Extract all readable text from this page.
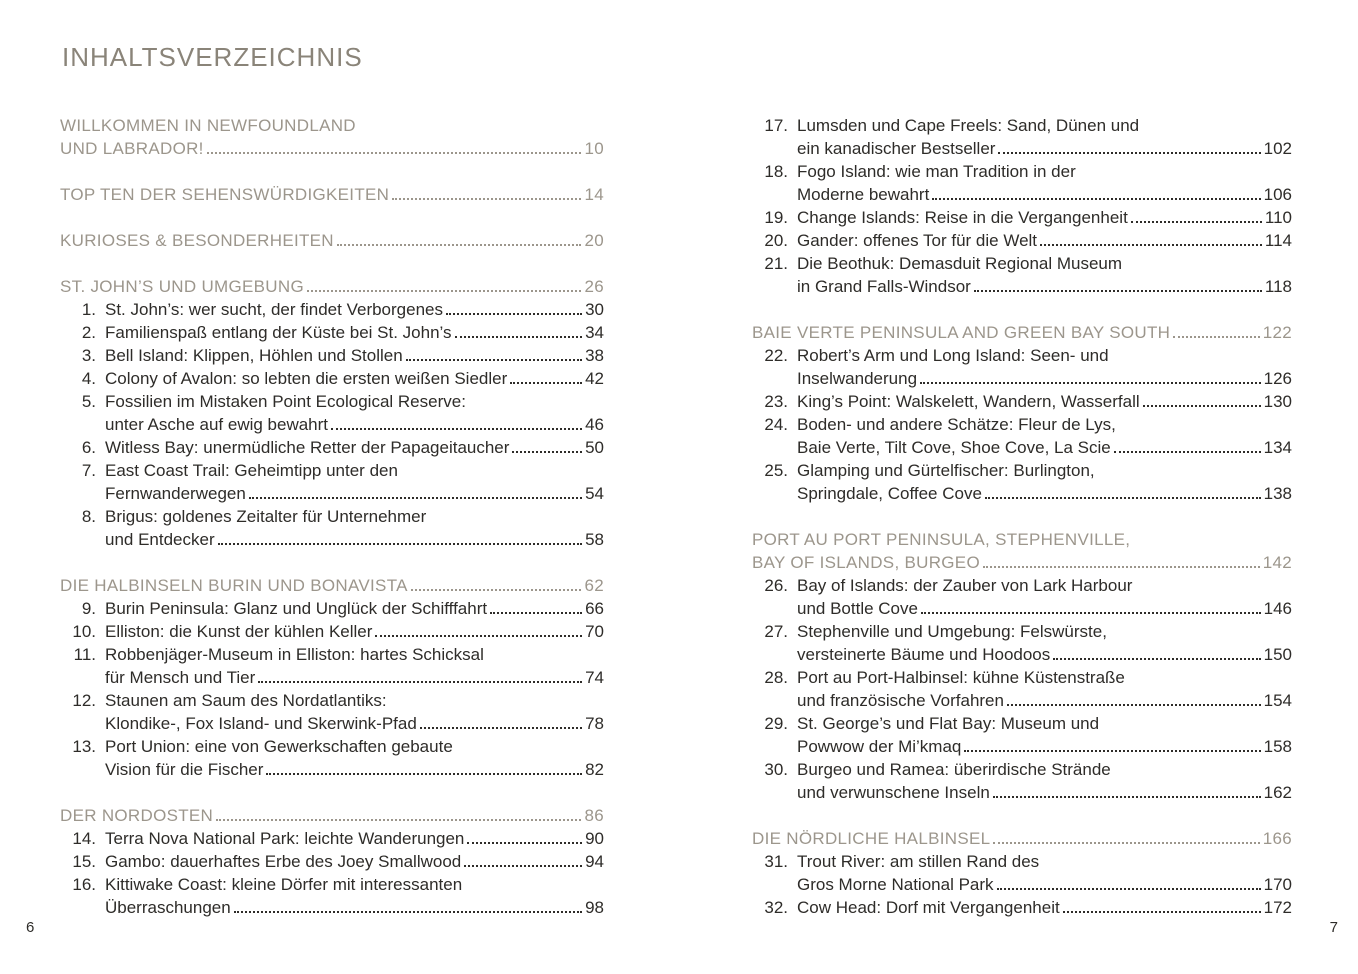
INHALTSVERZEICHNIS
WILLKOMMEN IN NEWFOUNDLAND
UND LABRADOR!	10
TOP TEN DER SEHENSWÜRDIGKEITEN	14
KURIOSES & BESONDERHEITEN	20
ST. JOHN’S UND UMGEBUNG	26
1. St. John’s: wer sucht, der findet Verborgenes	30
2. Familienspaß entlang der Küste bei St. John’s	34
3. Bell Island: Klippen, Höhlen und Stollen	38
4. Colony of Avalon: so lebten die ersten weißen Siedler	42
5. Fossilien im Mistaken Point Ecological Reserve:
unter Asche auf ewig bewahrt	46
6. Witless Bay: unermüdliche Retter der Papageitaucher	50
7. East Coast Trail: Geheimtipp unter den
Fernwanderwegen	54
8. Brigus: goldenes Zeitalter für Unternehmer
und Entdecker	58
DIE HALBINSELN BURIN UND BONAVISTA	62
9. Burin Peninsula: Glanz und Unglück der Schifffahrt	66
10. Elliston: die Kunst der kühlen Keller	70
11. Robbenjäger-Museum in Elliston: hartes Schicksal
für Mensch und Tier	74
12. Staunen am Saum des Nordatlantiks:
Klondike-, Fox Island- und Skerwink-Pfad	78
13. Port Union: eine von Gewerkschaften gebaute
Vision für die Fischer	82
DER NORDOSTEN	86
14. Terra Nova National Park: leichte Wanderungen	90
15. Gambo: dauerhaftes Erbe des Joey Smallwood	94
16. Kittiwake Coast: kleine Dörfer mit interessanten
Überraschungen	98
17. Lumsden und Cape Freels: Sand, Dünen und
ein kanadischer Bestseller	102
18. Fogo Island: wie man Tradition in der
Moderne bewahrt	106
19. Change Islands: Reise in die Vergangenheit	110
20. Gander: offenes Tor für die Welt	114
21. Die Beothuk: Demasduit Regional Museum
in Grand Falls-Windsor	118
BAIE VERTE PENINSULA AND GREEN BAY SOUTH	122
22. Robert’s Arm und Long Island: Seen- und
Inselwanderung	126
23. King’s Point: Walskelett, Wandern, Wasserfall	130
24. Boden- und andere Schätze: Fleur de Lys,
Baie Verte, Tilt Cove, Shoe Cove, La Scie	134
25. Glamping und Gürtelfischer: Burlington,
Springdale, Coffee Cove	138
PORT AU PORT PENINSULA, STEPHENVILLE,
BAY OF ISLANDS, BURGEO	142
26. Bay of Islands: der Zauber von Lark Harbour
und Bottle Cove	146
27. Stephenville und Umgebung: Felswürste,
versteinerte Bäume und Hoodoos	150
28. Port au Port-Halbinsel: kühne Küstenstraße
und französische Vorfahren	154
29. St. George’s und Flat Bay: Museum und
Powwow der Mi’kmaq	158
30. Burgeo und Ramea: überirdische Strände
und verwunschene Inseln	162
DIE NÖRDLICHE HALBINSEL	166
31. Trout River: am stillen Rand des
Gros Morne National Park	170
32. Cow Head: Dorf mit Vergangenheit	172
6	7
